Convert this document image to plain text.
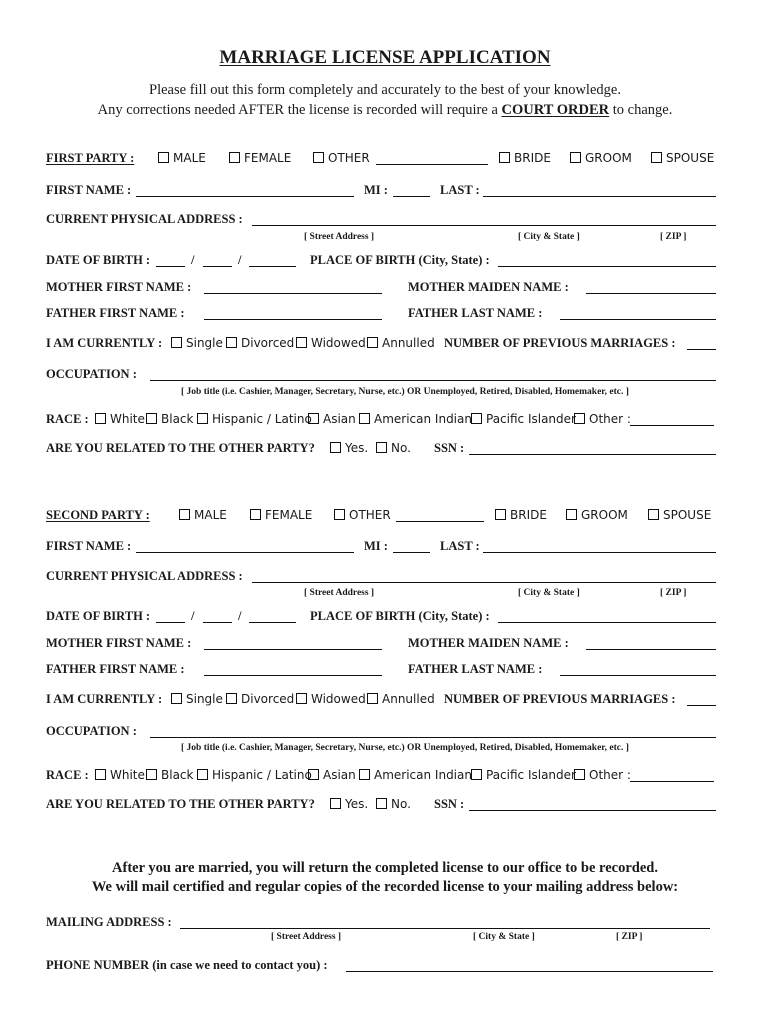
MARRIAGE LICENSE APPLICATION
Please fill out this form completely and accurately to the best of your knowledge.
Any corrections needed AFTER the license is recorded will require a COURT ORDER to change.
FIRST PARTY :	MALE	FEMALE	OTHER	BRIDE	GROOM	SPOUSE
FIRST NAME :	MI :	LAST :
CURRENT PHYSICAL ADDRESS :
[ Street Address ]	[ City & State ]	[ ZIP ]
DATE OF BIRTH :	/	/	PLACE OF BIRTH (City, State) :
MOTHER FIRST NAME :	MOTHER MAIDEN NAME :
FATHER FIRST NAME :	FATHER LAST NAME :
I AM CURRENTLY :	Single	Divorced	Widowed	Annulled NUMBER OF PREVIOUS MARRIAGES :
OCCUPATION :
[ Job title (i.e. Cashier, Manager, Secretary, Nurse, etc.) OR Unemployed, Retired, Disabled, Homemaker, etc. ]
RACE :	White	Black	Hispanic / Latino Asian	American Indian	Pacific Islander	Other :
ARE YOU RELATED TO THE OTHER PARTY?	Yes.	No. SSN :
SECOND PARTY :	MALE	FEMALE	OTHER	BRIDE	GROOM	SPOUSE
FIRST NAME :	MI :	LAST :
CURRENT PHYSICAL ADDRESS :
[ Street Address ]	[ City & State ]	[ ZIP ]
DATE OF BIRTH :	/	/	PLACE OF BIRTH (City, State) :
MOTHER FIRST NAME :	MOTHER MAIDEN NAME :
FATHER FIRST NAME :	FATHER LAST NAME :
I AM CURRENTLY :	Single	Divorced	Widowed	Annulled NUMBER OF PREVIOUS MARRIAGES :
OCCUPATION :
[ Job title (i.e. Cashier, Manager, Secretary, Nurse, etc.) OR Unemployed, Retired, Disabled, Homemaker, etc. ]
RACE :	White	Black	Hispanic / Latino Asian	American Indian	Pacific Islander	Other :
ARE YOU RELATED TO THE OTHER PARTY?	Yes.	No. SSN :
After you are married, you will return the completed license to our office to be recorded.
We will mail certified and regular copies of the recorded license to your mailing address below:
MAILING ADDRESS :
[ Street Address ]	[ City & State ]	[ ZIP ]
PHONE NUMBER (in case we need to contact you) :
